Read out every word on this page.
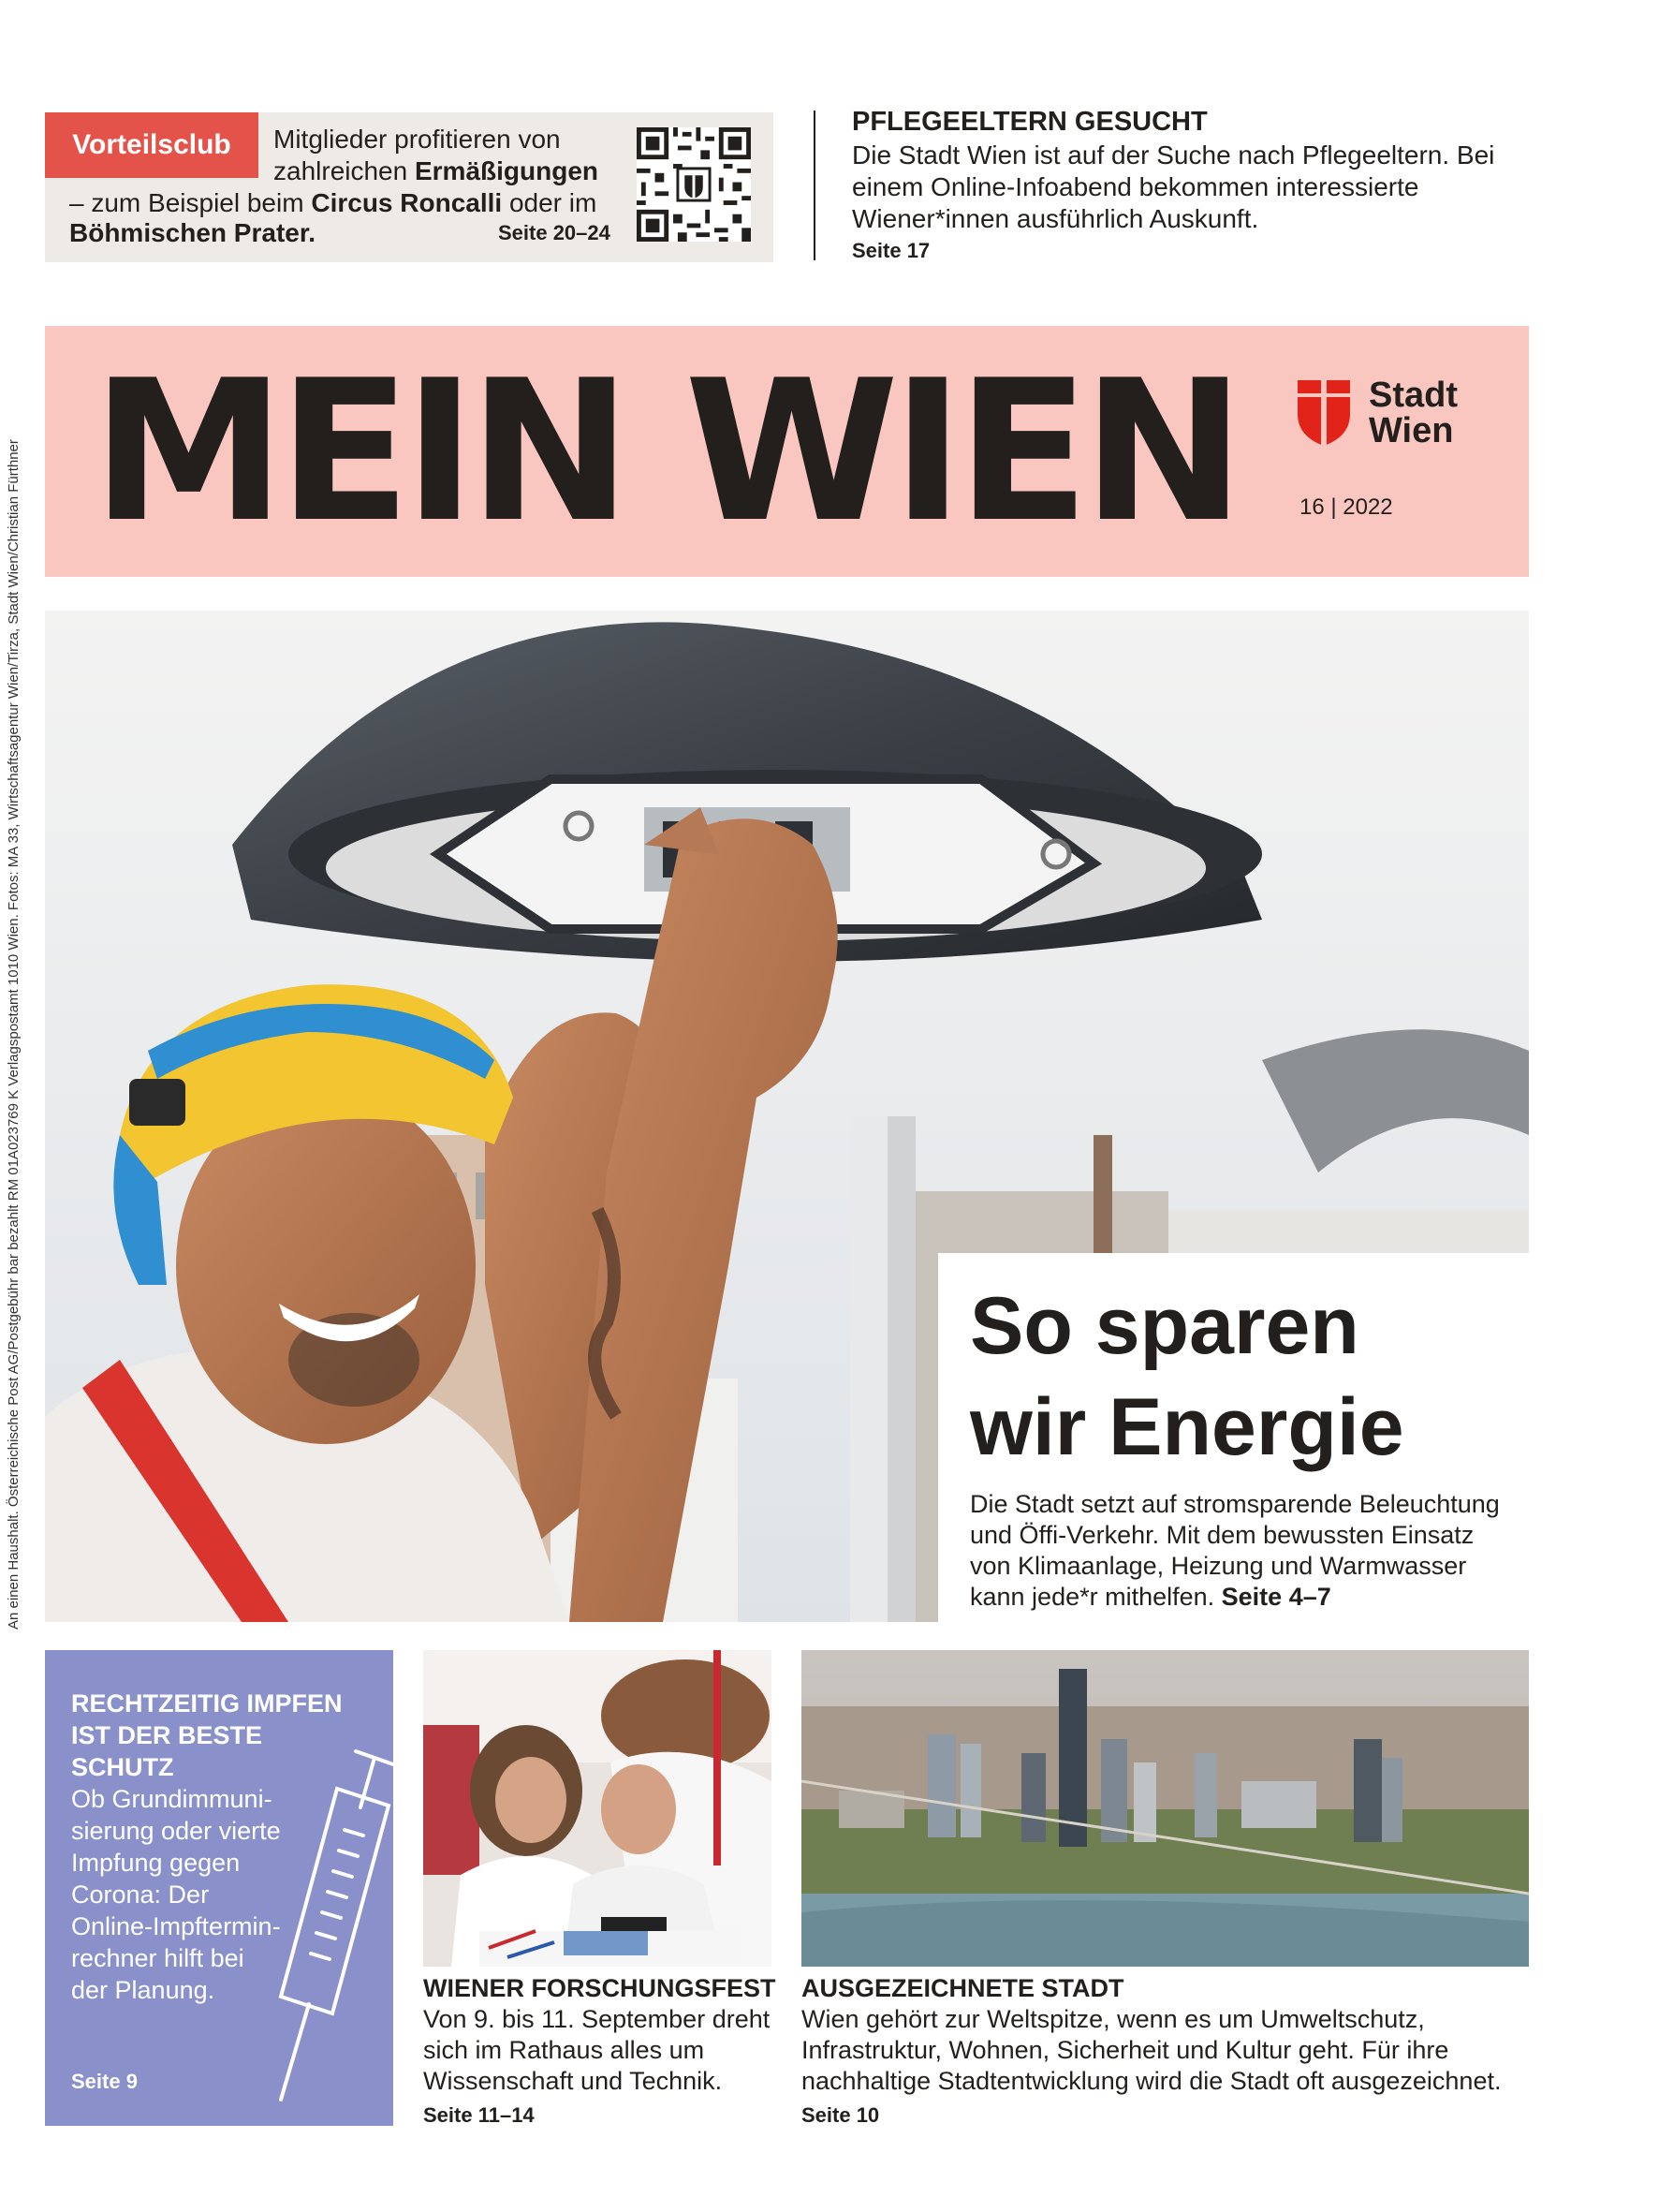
An einen Haushalt. Österreichische Post AG/Postgebühr bar bezahlt RM 01A023769 K Verlagspostamt 1010 Wien. Fotos: MA 33, Wirtschaftsagentur Wien/Tirza, Stadt Wien/Christian Fürthner
Vorteilsclub	Mitglieder profitieren von
zahlreichen Ermäßigungen
– zum Beispiel beim Circus Roncalli oder im
Böhmischen Prater.	Seite 20–24
PFLEGEELTERN GESUCHT
Die Stadt Wien ist auf der Suche nach Pflegeeltern. Bei einem Online-Infoabend bekommen interessierte Wiener*innen ausführlich Auskunft.
Seite 17
MEIN WIEN	Stadt
Wien
16 | 2022
So sparen
wir Energie
Die Stadt setzt auf stromsparende Beleuchtung und Öffi-Verkehr. Mit dem bewussten Einsatz von Klimaanlage, Heizung und Warmwasser kann jede*r mithelfen. Seite 4–7
RECHTZEITIG IMPFEN IST DER BESTE SCHUTZ
Ob Grundimmuni-sierung oder vierte Impfung gegen Corona: Der Online-Impftermin-rechner hilft bei der Planung.
Seite 9
WIENER FORSCHUNGSFEST
Von 9. bis 11. September dreht sich im Rathaus alles um Wissenschaft und Technik.
Seite 11–14
AUSGEZEICHNETE STADT
Wien gehört zur Weltspitze, wenn es um Umweltschutz, Infrastruktur, Wohnen, Sicherheit und Kultur geht. Für ihre nachhaltige Stadtentwicklung wird die Stadt oft ausgezeichnet.
Seite 10
